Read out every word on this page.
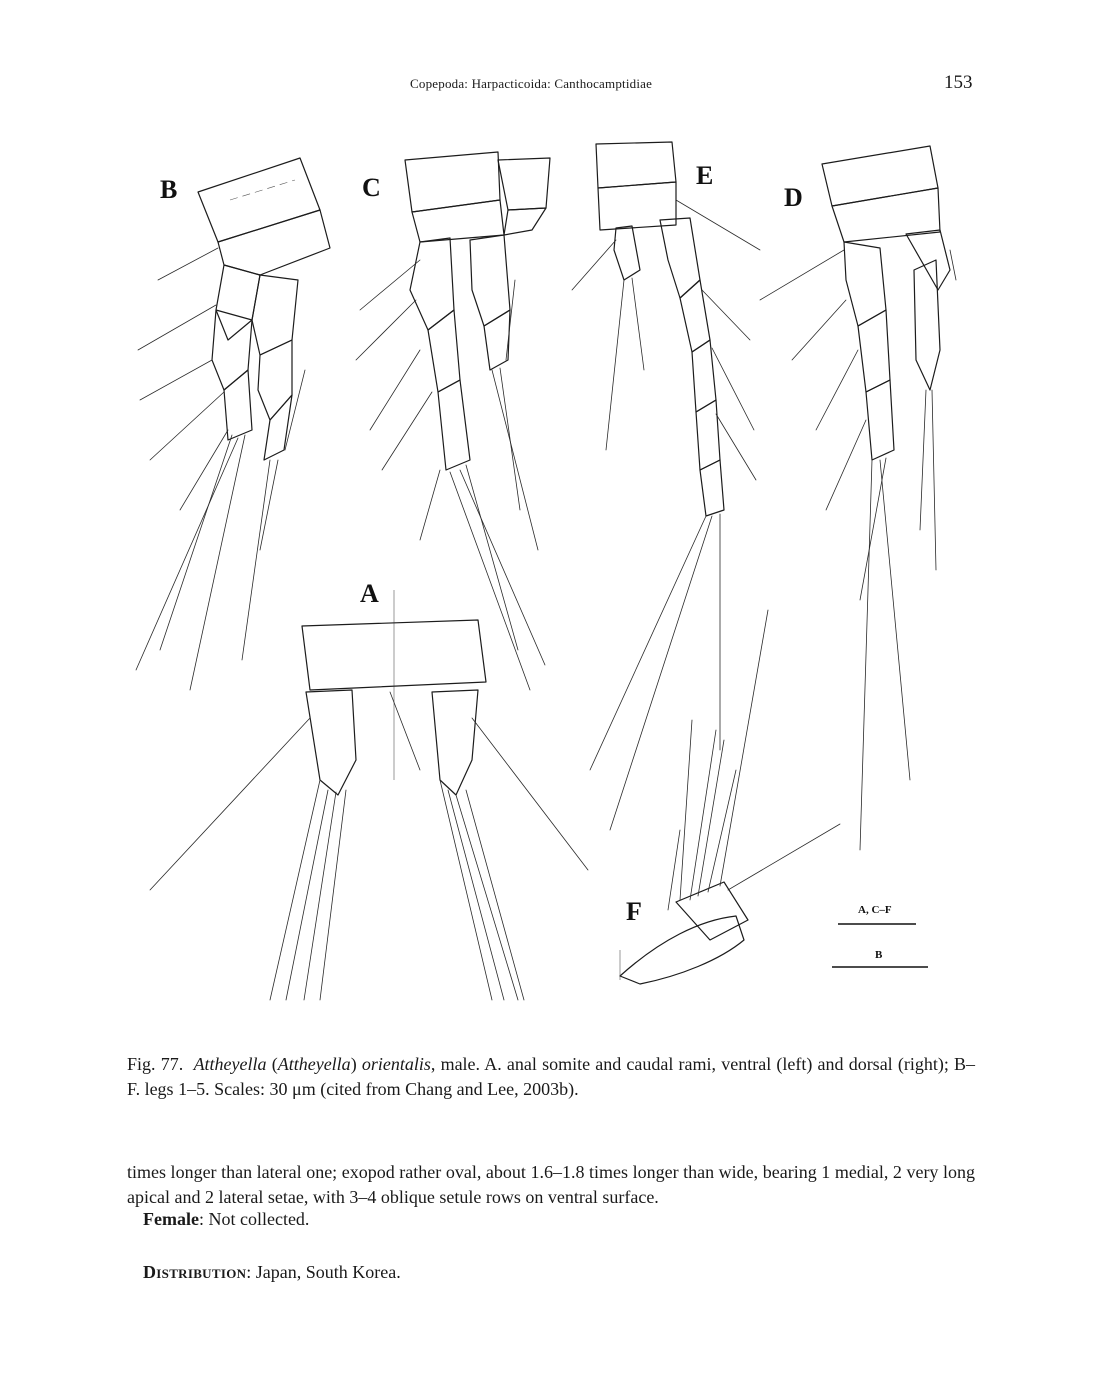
Copepoda: Harpacticoida: Canthocamptidiae	153
B	C	E
D
A
F	A, C–F
B
Fig. 77. Attheyella (Attheyella) orientalis, male. A. anal somite and caudal rami, ventral (left) and dorsal (right); B–F. legs 1–5. Scales: 30 μm (cited from Chang and Lee, 2003b).
times longer than lateral one; exopod rather oval, about 1.6–1.8 times longer than wide, bearing 1 medial, 2 very long apical and 2 lateral setae, with 3–4 oblique setule rows on ventral surface.
Female: Not collected.
Distribution: Japan, South Korea.
